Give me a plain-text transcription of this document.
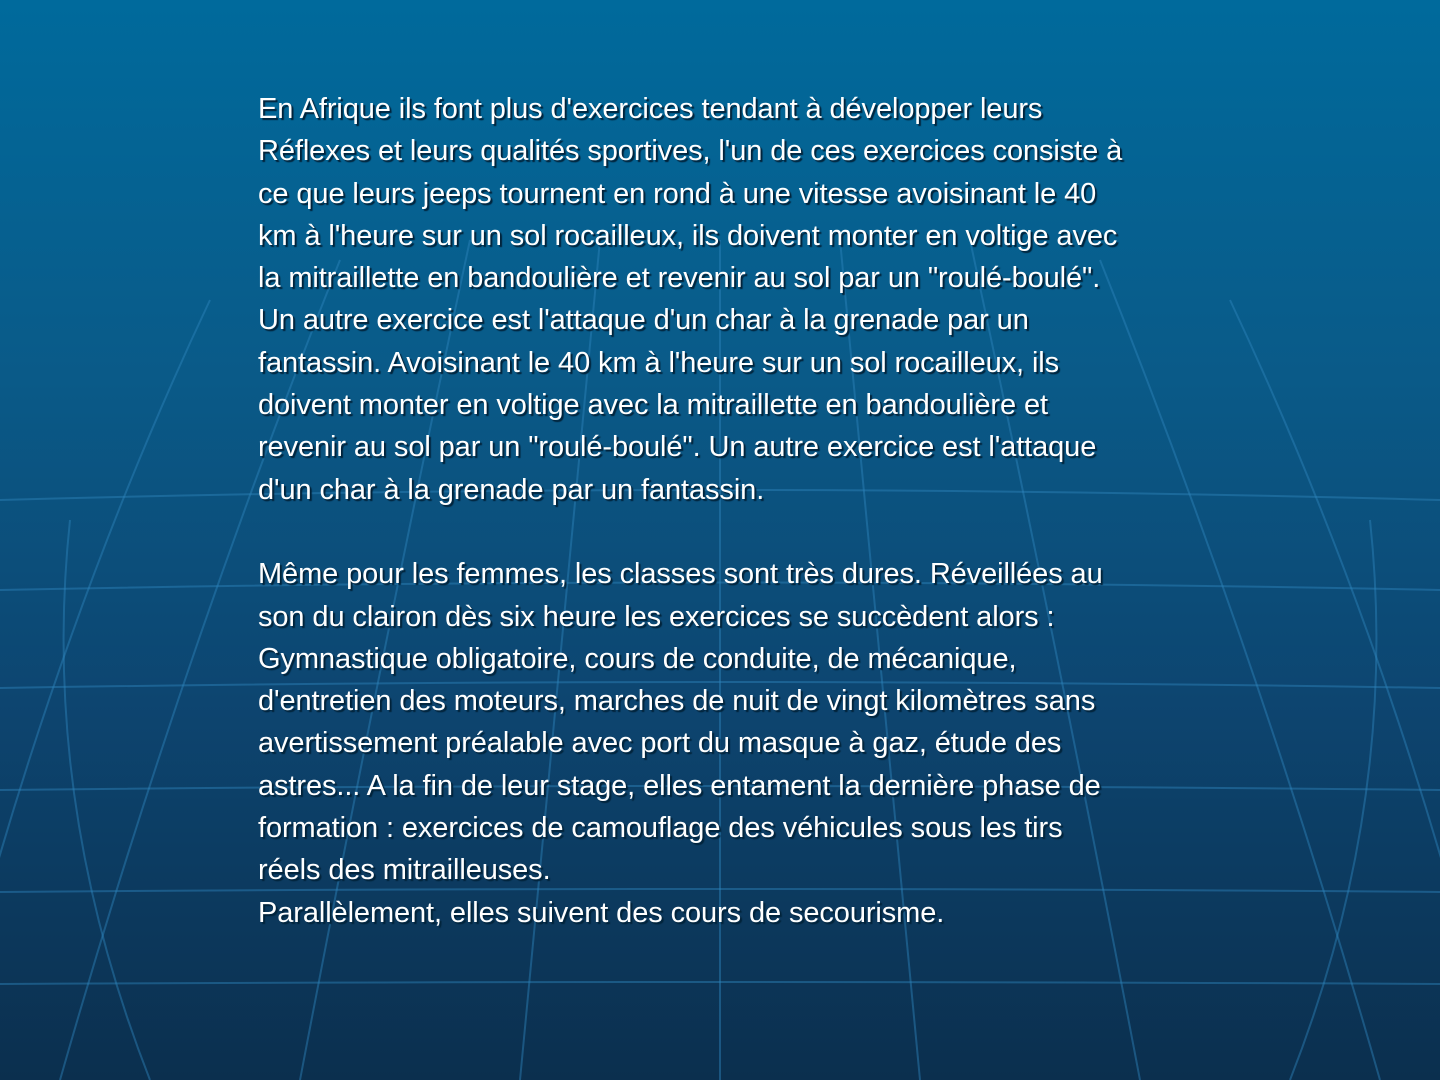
En Afrique ils font plus d'exercices tendant à développer leurs
Réflexes et leurs qualités sportives, l'un de ces exercices consiste à
ce que leurs jeeps tournent en rond à une vitesse avoisinant le 40
km à l'heure sur un sol rocailleux, ils doivent monter en voltige avec
la mitraillette en bandoulière et revenir au sol par un "roulé-boulé".
Un autre exercice est l'attaque d'un char à la grenade par un
fantassin. Avoisinant le 40 km à l'heure sur un sol rocailleux, ils
doivent monter en voltige avec la mitraillette en bandoulière et
revenir au sol par un "roulé-boulé". Un autre exercice est l'attaque
d'un char à la grenade par un fantassin.

Même pour les femmes, les classes sont très dures. Réveillées au
son du clairon dès six heure les exercices se succèdent alors :
Gymnastique obligatoire, cours de conduite, de mécanique,
d'entretien des moteurs, marches de nuit de vingt kilomètres sans
avertissement préalable avec port du masque à gaz, étude des
astres... A la fin de leur stage, elles entament la dernière phase de
formation : exercices de camouflage des véhicules sous les tirs
réels des mitrailleuses.

Parallèlement, elles suivent des cours de secourisme.
